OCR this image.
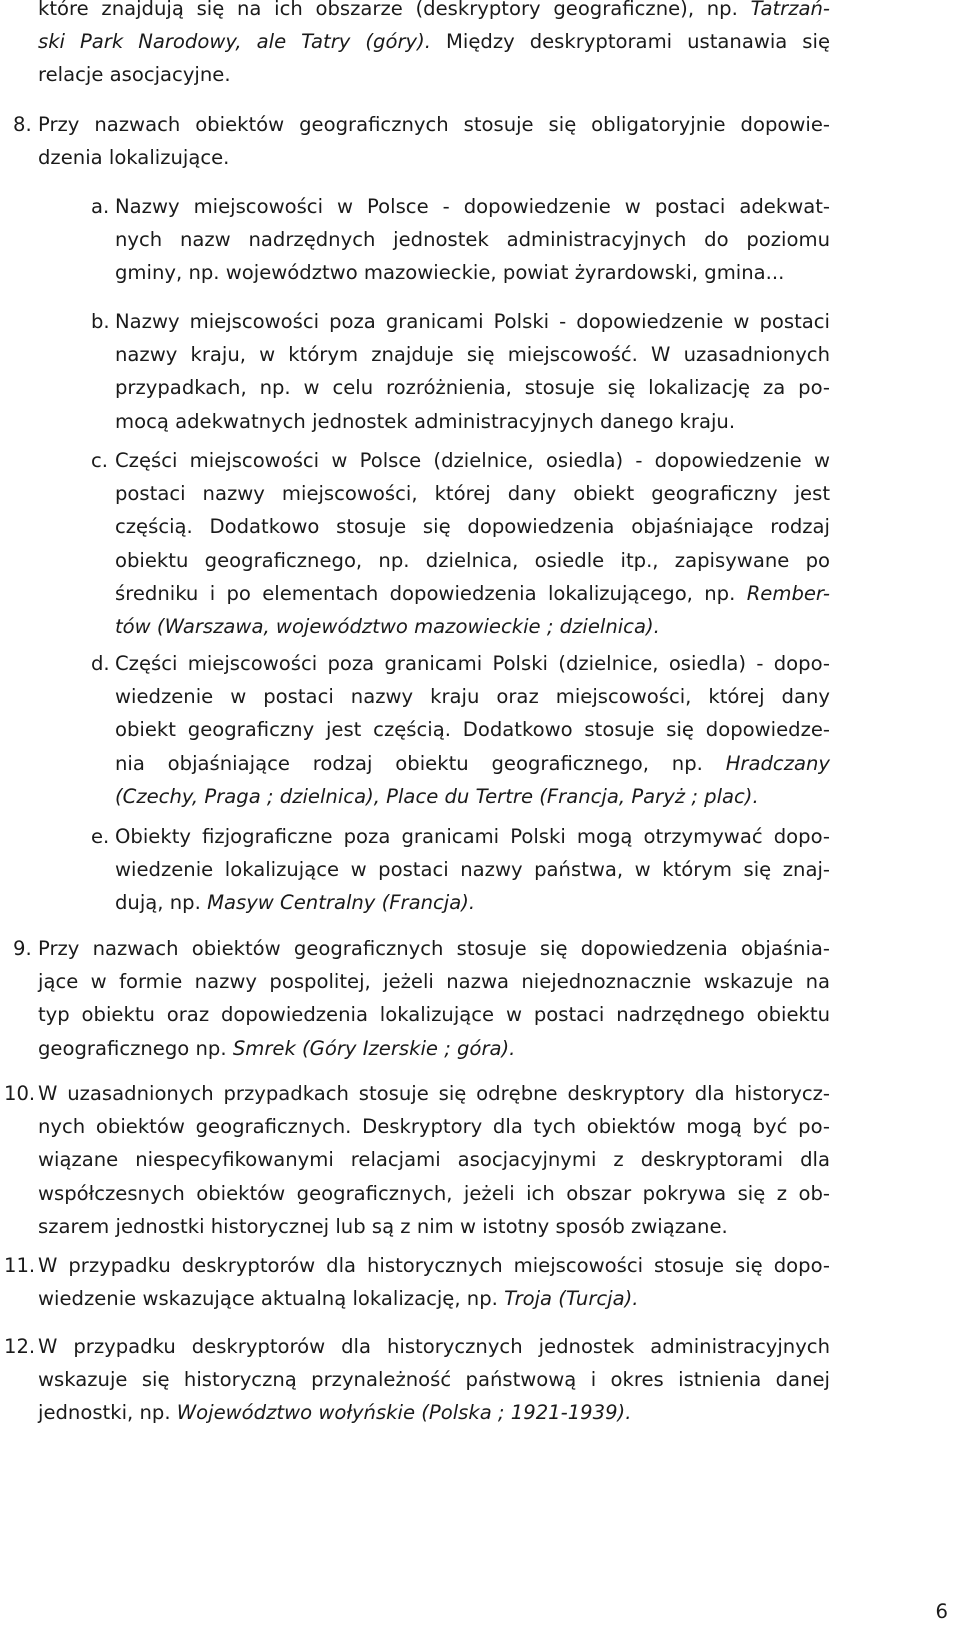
które znajdują się na ich obszarze (deskryptory geograficzne), np. Tatrzań-
ski Park Narodowy, ale Tatry (góry). Między deskryptorami ustanawia się
relacje asocjacyjne.
8. Przy nazwach obiektów geograficznych stosuje się obligatoryjnie dopowie-
dzenia lokalizujące.
a. Nazwy miejscowości w Polsce - dopowiedzenie w postaci adekwat-
nych nazw nadrzędnych jednostek administracyjnych do poziomu
gminy, np. województwo mazowieckie, powiat żyrardowski, gmina...
b. Nazwy miejscowości poza granicami Polski - dopowiedzenie w postaci
nazwy kraju, w którym znajduje się miejscowość. W uzasadnionych
przypadkach, np. w celu rozróżnienia, stosuje się lokalizację za po-
mocą adekwatnych jednostek administracyjnych danego kraju.
c. Części miejscowości w Polsce (dzielnice, osiedla) - dopowiedzenie w
postaci nazwy miejscowości, której dany obiekt geograficzny jest
częścią. Dodatkowo stosuje się dopowiedzenia objaśniające rodzaj
obiektu geograficznego, np. dzielnica, osiedle itp., zapisywane po
średniku i po elementach dopowiedzenia lokalizującego, np. Rember-
tów (Warszawa, województwo mazowieckie ; dzielnica).
d. Części miejscowości poza granicami Polski (dzielnice, osiedla) - dopo-
wiedzenie w postaci nazwy kraju oraz miejscowości, której dany
obiekt geograficzny jest częścią. Dodatkowo stosuje się dopowiedze-
nia objaśniające rodzaj obiektu geograficznego, np. Hradczany
(Czechy, Praga ; dzielnica), Place du Tertre (Francja, Paryż ; plac).
e. Obiekty fizjograficzne poza granicami Polski mogą otrzymywać dopo-
wiedzenie lokalizujące w postaci nazwy państwa, w którym się znaj-
dują, np. Masyw Centralny (Francja).
9. Przy nazwach obiektów geograficznych stosuje się dopowiedzenia objaśnia-
jące w formie nazwy pospolitej, jeżeli nazwa niejednoznacznie wskazuje na
typ obiektu oraz dopowiedzenia lokalizujące w postaci nadrzędnego obiektu
geograficznego np. Smrek (Góry Izerskie ; góra).
10. W uzasadnionych przypadkach stosuje się odrębne deskryptory dla historycz-
nych obiektów geograficznych. Deskryptory dla tych obiektów mogą być po-
wiązane niespecyfikowanymi relacjami asocjacyjnymi z deskryptorami dla
współczesnych obiektów geograficznych, jeżeli ich obszar pokrywa się z ob-
szarem jednostki historycznej lub są z nim w istotny sposób związane.
11. W przypadku deskryptorów dla historycznych miejscowości stosuje się dopo-
wiedzenie wskazujące aktualną lokalizację, np. Troja (Turcja).
12. W przypadku deskryptorów dla historycznych jednostek administracyjnych
wskazuje się historyczną przynależność państwową i okres istnienia danej
jednostki, np. Województwo wołyńskie (Polska ; 1921-1939).
6
